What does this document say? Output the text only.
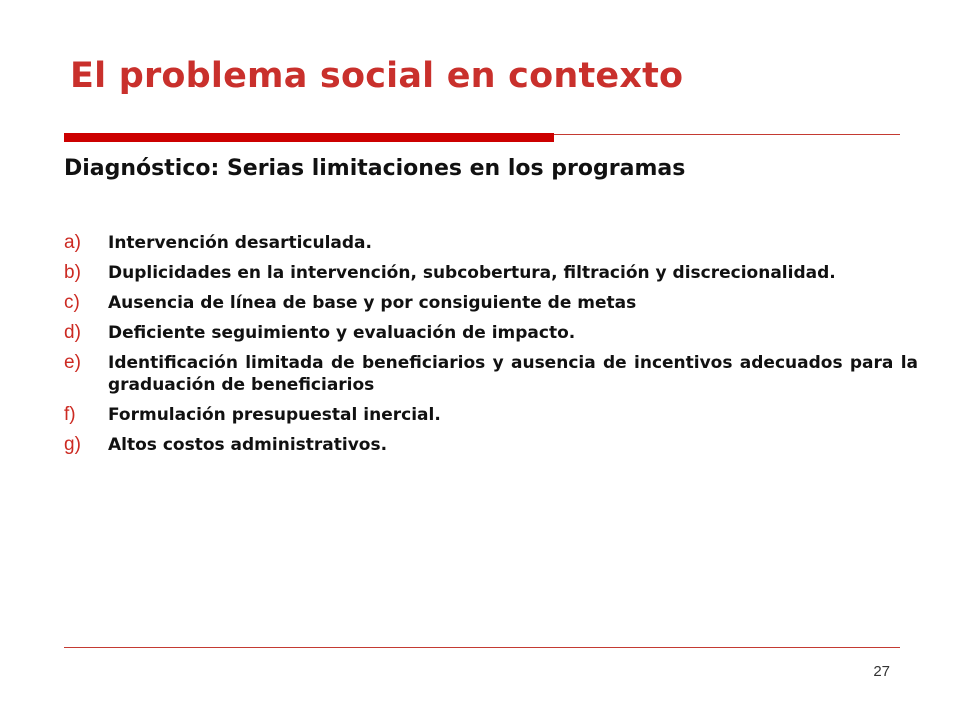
El problema social en contexto
Diagnóstico: Serias limitaciones en los programas
a)	Intervención desarticulada.
b)	Duplicidades en la intervención, subcobertura, filtración y discrecionalidad.
c)	Ausencia de línea de base y por consiguiente de metas
d)	Deficiente seguimiento y evaluación de impacto.
e)	Identificación limitada de beneficiarios y ausencia de incentivos adecuados para la graduación de beneficiarios
f)	Formulación presupuestal inercial.
g)	Altos costos administrativos.
27
